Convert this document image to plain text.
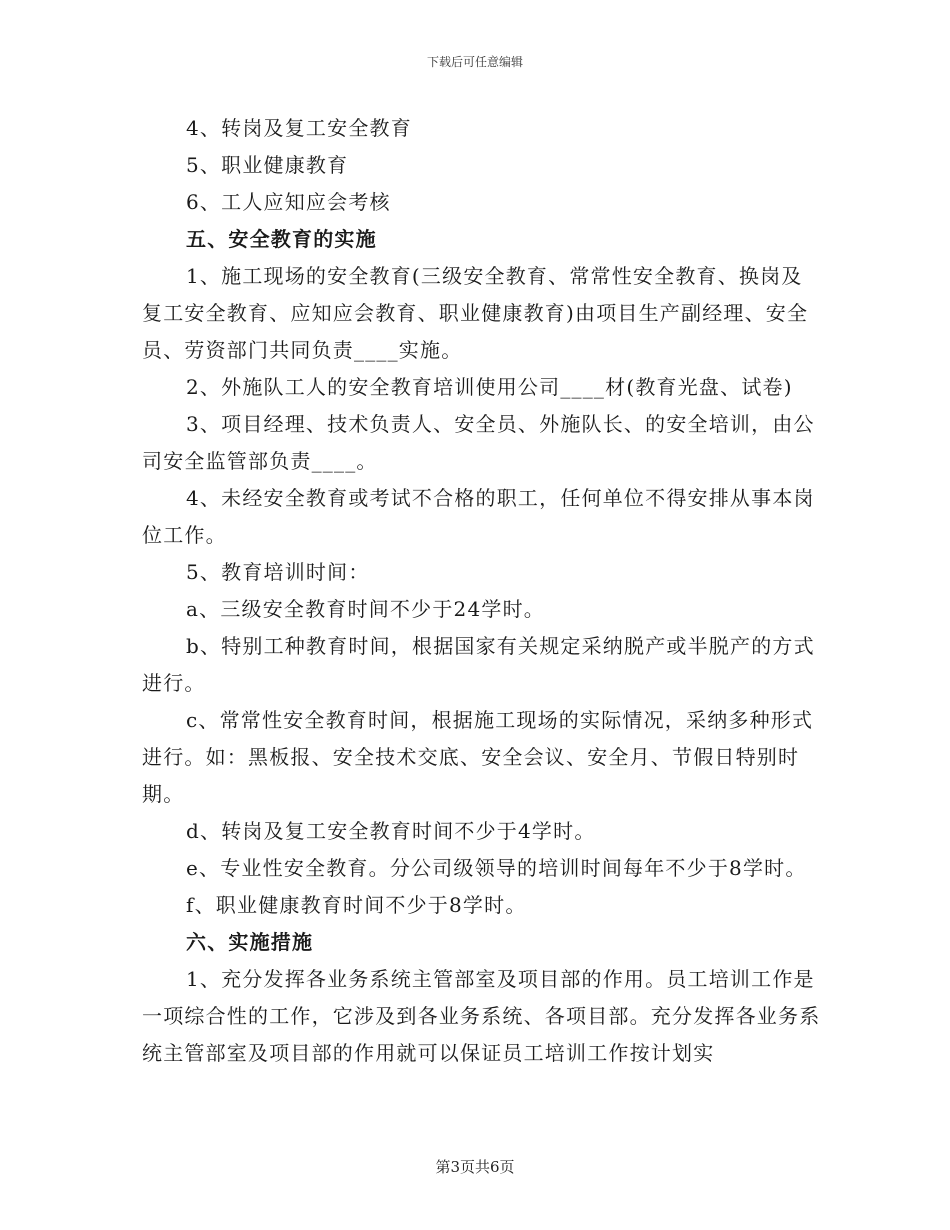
下载后可任意编辑

4、转岗及复工安全教育

5、职业健康教育

6、工人应知应会考核

五、安全教育的实施

1、施工现场的安全教育(三级安全教育、常常性安全教育、换岗及复工安全教育、应知应会教育、职业健康教育)由项目生产副经理、安全员、劳资部门共同负责____实施。

2、外施队工人的安全教育培训使用公司____材(教育光盘、试卷)

3、项目经理、技术负责人、安全员、外施队长、的安全培训，由公司安全监管部负责____。

4、未经安全教育或考试不合格的职工，任何单位不得安排从事本岗位工作。

5、教育培训时间：

a、三级安全教育时间不少于24学时。

b、特别工种教育时间，根据国家有关规定采纳脱产或半脱产的方式进行。

c、常常性安全教育时间，根据施工现场的实际情况，采纳多种形式进行。如：黑板报、安全技术交底、安全会议、安全月、节假日特别时期。

d、转岗及复工安全教育时间不少于4学时。

e、专业性安全教育。分公司级领导的培训时间每年不少于8学时。

f、职业健康教育时间不少于8学时。

六、实施措施

1、充分发挥各业务系统主管部室及项目部的作用。员工培训工作是一项综合性的工作，它涉及到各业务系统、各项目部。充分发挥各业务系统主管部室及项目部的作用就可以保证员工培训工作按计划实

第3页共6页
